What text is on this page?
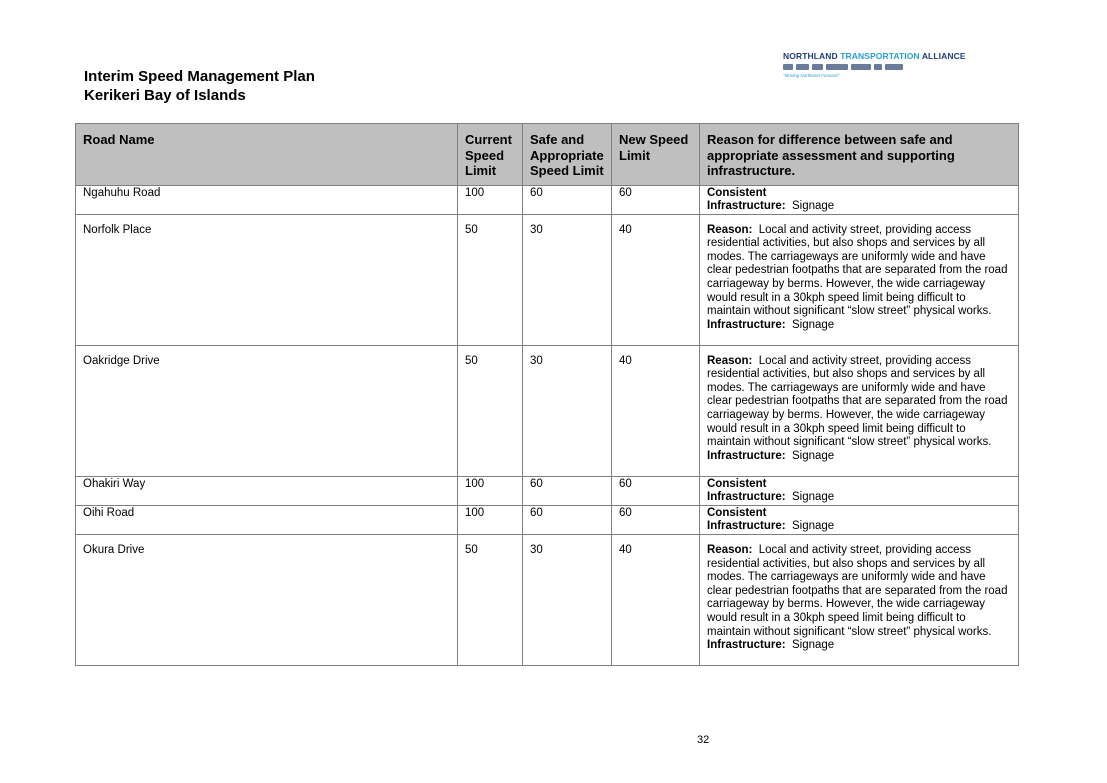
Interim Speed Management Plan
Kerikeri Bay of Islands
NORTHLAND TRANSPORTATION ALLIANCE
"Moving Northland Forward"
Road Name	Current Speed Limit	Safe and Appropriate Speed Limit	New Speed Limit	Reason for difference between safe and appropriate assessment and supporting infrastructure.
Ngahuhu Road	100	60	60	Consistent
Infrastructure: Signage
Norfolk Place	50	30	40	Reason: Local and activity street, providing access residential activities, but also shops and services by all modes. The carriageways are uniformly wide and have clear pedestrian footpaths that are separated from the road carriageway by berms. However, the wide carriageway would result in a 30kph speed limit being difficult to maintain without significant “slow street” physical works.
Infrastructure: Signage
Oakridge Drive	50	30	40	Reason: Local and activity street, providing access residential activities, but also shops and services by all modes. The carriageways are uniformly wide and have clear pedestrian footpaths that are separated from the road carriageway by berms. However, the wide carriageway would result in a 30kph speed limit being difficult to maintain without significant “slow street” physical works.
Infrastructure: Signage
Ohakiri Way	100	60	60	Consistent
Infrastructure: Signage
Oihi Road	100	60	60	Consistent
Infrastructure: Signage
Okura Drive	50	30	40	Reason: Local and activity street, providing access residential activities, but also shops and services by all modes. The carriageways are uniformly wide and have clear pedestrian footpaths that are separated from the road carriageway by berms. However, the wide carriageway would result in a 30kph speed limit being difficult to maintain without significant “slow street” physical works.
Infrastructure: Signage
32
